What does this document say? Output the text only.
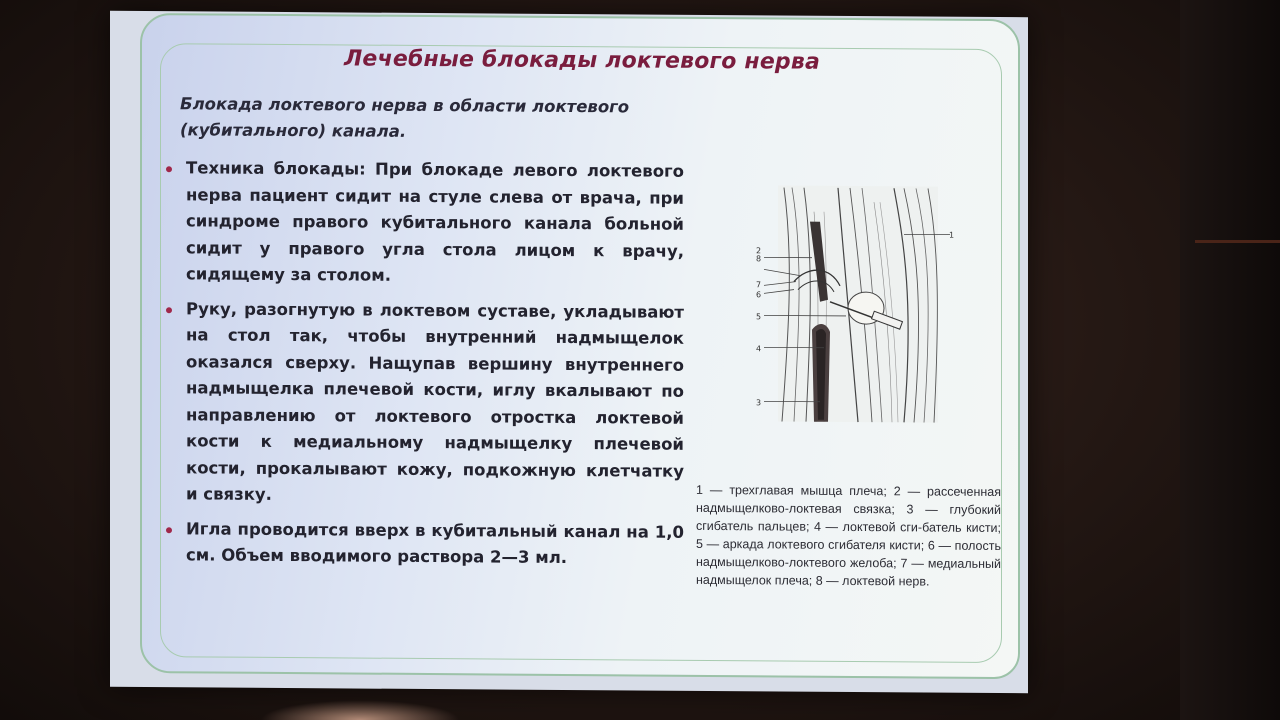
Лечебные блокады локтевого нерва
Блокада локтевого нерва в области локтевого (кубитального) канала.
Техника блокады: При блокаде левого локтевого нерва пациент сидит на стуле слева от врача, при синдроме правого кубитального канала больной сидит у правого угла стола лицом к врачу, сидящему за столом.
Руку, разогнутую в локтевом суставе, укладывают на стол так, чтобы внутренний надмыщелок оказался сверху. Нащупав вершину внутреннего надмыщелка плечевой кости, иглу вкалывают по направлению от локтевого отростка локтевой кости к медиальному надмыщелку плечевой кости, прокалывают кожу, подкожную клетчатку и связку.
Игла проводится вверх в кубитальный канал на 1,0 см. Объем вводимого раствора 2—3 мл.
1
2
3
4
5
6
7
8
1 — трехглавая мышца плеча; 2 — рассеченная надмыщелково-локтевая связка; 3 — глубокий сгибатель пальцев; 4 — локтевой сги-батель кисти; 5 — аркада локтевого сгибателя кисти; 6 — полость надмыщелково-локтевого желоба; 7 — медиальный надмыщелок плеча; 8 — локтевой нерв.
